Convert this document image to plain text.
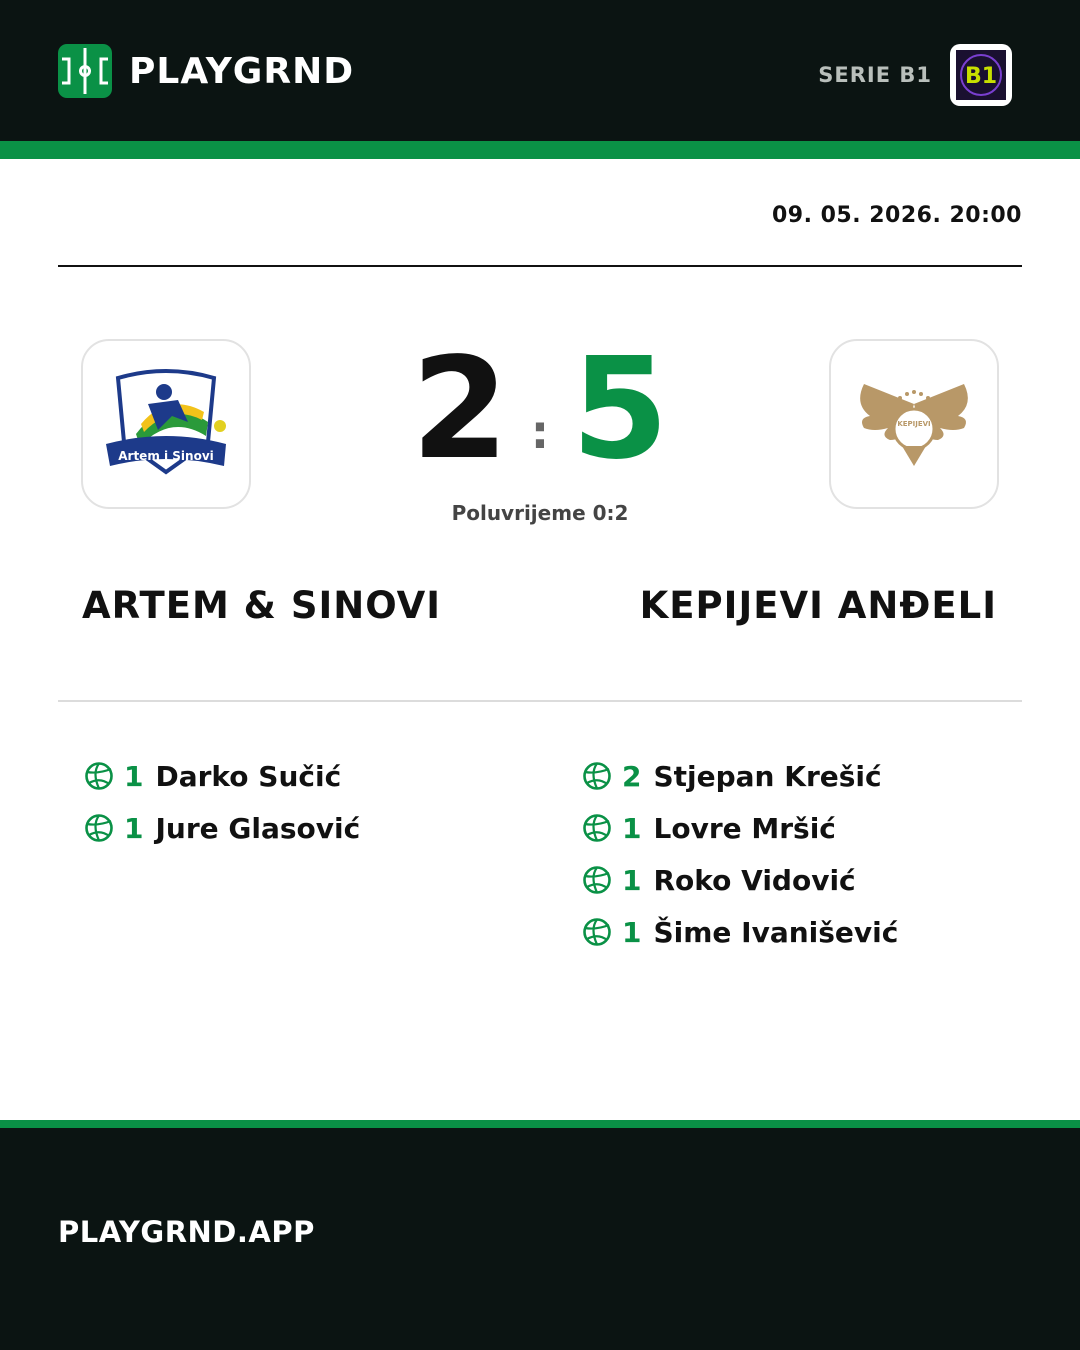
PLAYGRND	SERIE B1 B1
09. 05. 2026. 20:00
Artem i Sinovi
KEPIJEVI
2 : 5
Poluvrijeme 0:2
ARTEM & SINOVI	KEPIJEVI ANĐELI
1 Darko Sučić
1 Jure Glasović
2 Stjepan Krešić
1 Lovre Mršić
1 Roko Vidović
1 Šime Ivanišević
PLAYGRND.APP
